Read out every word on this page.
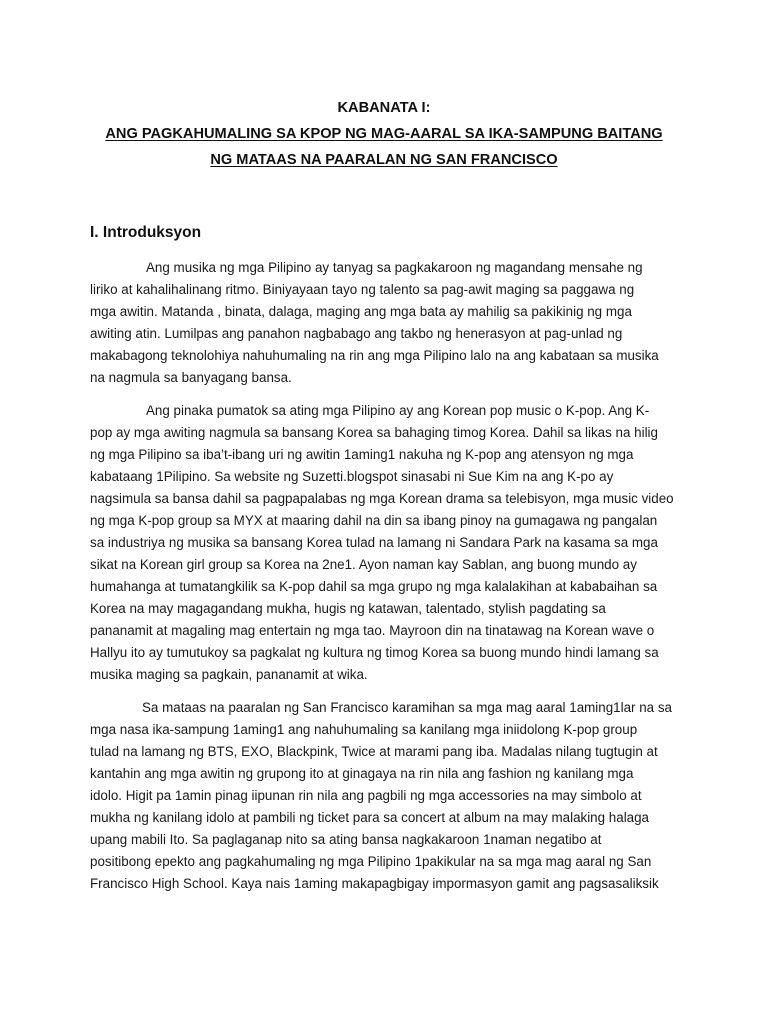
KABANATA I:
ANG PAGKAHUMALING SA KPOP NG MAG-AARAL SA IKA-SAMPUNG BAITANG
NG MATAAS NA PAARALAN NG SAN FRANCISCO
I. Introduksyon
Ang musika ng mga Pilipino ay tanyag sa pagkakaroon ng magandang mensahe ng
liriko at kahalihalinang ritmo. Biniyayaan tayo ng talento sa pag-awit maging sa paggawa ng
mga awitin. Matanda , binata, dalaga, maging ang mga bata ay mahilig sa pakikinig ng mga
awiting atin. Lumilpas ang panahon nagbabago ang takbo ng henerasyon at pag-unlad ng
makabagong teknolohiya nahuhumaling na rin ang mga Pilipino lalo na ang kabataan sa musika
na nagmula sa banyagang bansa.
Ang pinaka pumatok sa ating mga Pilipino ay ang Korean pop music o K-pop. Ang K-
pop ay mga awiting nagmula sa bansang Korea sa bahaging timog Korea. Dahil sa likas na hilig
ng mga Pilipino sa iba’t-ibang uri ng awitin 1aming1 nakuha ng K-pop ang atensyon ng mga
kabataang 1Pilipino. Sa website ng Suzetti.blogspot sinasabi ni Sue Kim na ang K-po ay
nagsimula sa bansa dahil sa pagpapalabas ng mga Korean drama sa telebisyon, mga music video
ng mga K-pop group sa MYX at maaring dahil na din sa ibang pinoy na gumagawa ng pangalan
sa industriya ng musika sa bansang Korea tulad na lamang ni Sandara Park na kasama sa mga
sikat na Korean girl group sa Korea na 2ne1. Ayon naman kay Sablan, ang buong mundo ay
humahanga at tumatangkilik sa K-pop dahil sa mga grupo ng mga kalalakihan at kababaihan sa
Korea na may magagandang mukha, hugis ng katawan, talentado, stylish pagdating sa
pananamit at magaling mag entertain ng mga tao. Mayroon din na tinatawag na Korean wave o
Hallyu ito ay tumutukoy sa pagkalat ng kultura ng timog Korea sa buong mundo hindi lamang sa
musika maging sa pagkain, pananamit at wika.
Sa mataas na paaralan ng San Francisco karamihan sa mga mag aaral 1aming1lar na sa
mga nasa ika-sampung 1aming1 ang nahuhumaling sa kanilang mga iniidolong K-pop group
tulad na lamang ng BTS, EXO, Blackpink, Twice at marami pang iba. Madalas nilang tugtugin at
kantahin ang mga awitin ng grupong ito at ginagaya na rin nila ang fashion ng kanilang mga
idolo. Higit pa 1amin pinag iipunan rin nila ang pagbili ng mga accessories na may simbolo at
mukha ng kanilang idolo at pambili ng ticket para sa concert at album na may malaking halaga
upang mabili Ito. Sa paglaganap nito sa ating bansa nagkakaroon 1naman negatibo at
positibong epekto ang pagkahumaling ng mga Pilipino 1pakikular na sa mga mag aaral ng San
Francisco High School. Kaya nais 1aming makapagbigay impormasyon gamit ang pagsasaliksik
